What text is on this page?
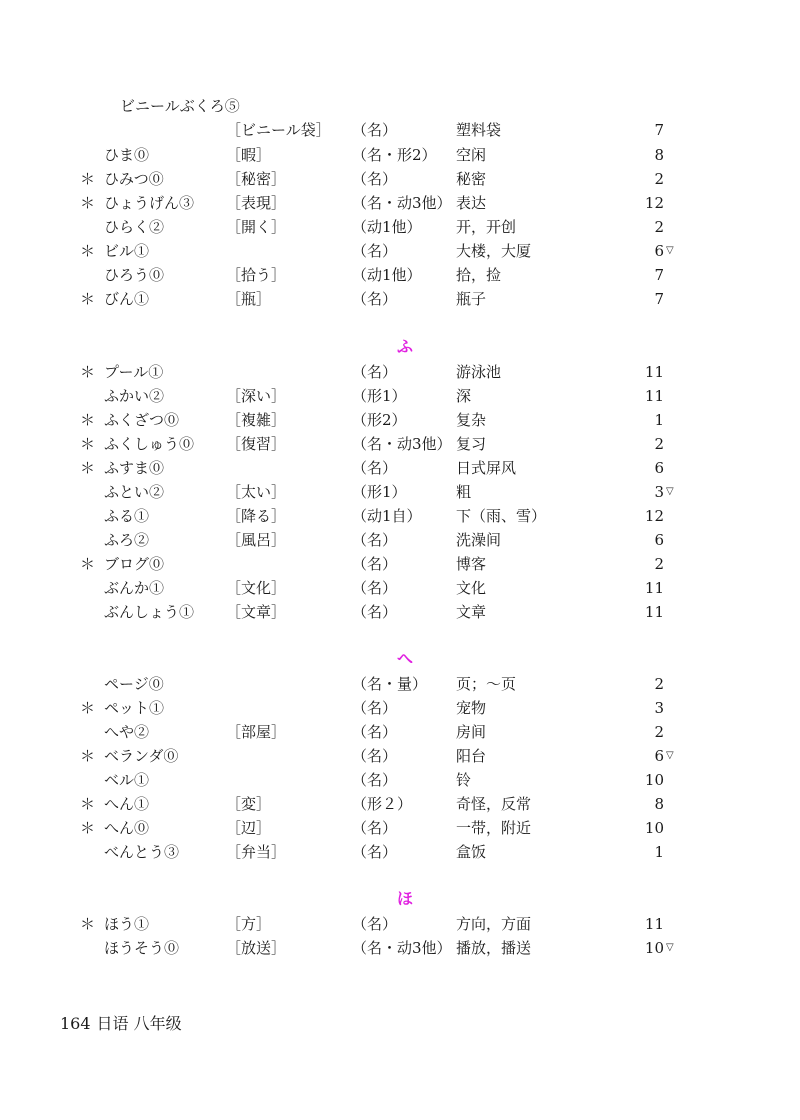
ビニールぶくろ⑤
［ビニール袋］ （名）	塑料袋	7
ひま⓪	［暇］	（名・形2） 空闲	8
＊ ひみつ⓪	［秘密］	（名）	秘密	2
＊ ひょうげん③ ［表現］	（名・动3他） 表达	12
ひらく②	［開く］	（动1他） 开，开创	2
＊ ビル①	（名）	大楼，大厦	6 ▽
ひろう⓪	［拾う］	（动1他） 拾，捡	7
＊ びん①	［瓶］	（名）	瓶子	7
ふ
＊ プール①	（名）	游泳池	11
ふかい②	［深い］	（形1）	深	11
＊ ふくざつ⓪	［複雑］	（形2）	复杂	1
＊ ふくしゅう⓪ ［復習］	（名・动3他） 复习	2
＊ ふすま⓪	（名）	日式屏风	6
ふとい②	［太い］	（形1）	粗	3 ▽
ふる①	［降る］	（动1自） 下（雨、雪）	12
ふろ②	［風呂］	（名）	洗澡间	6
＊ ブログ⓪	（名）	博客	2
ぶんか①	［文化］	（名）	文化	11
ぶんしょう① ［文章］	（名）	文章	11
へ
ページ⓪	（名・量） 页；～页	2
＊ ペット①	（名）	宠物	3
へや②	［部屋］	（名）	房间	2
＊ ベランダ⓪	（名）	阳台	6 ▽
ベル①	（名）	铃	10
＊ へん①	［変］	（形２）	奇怪，反常	8
＊ へん⓪	［辺］	（名）	一带，附近	10
べんとう③	［弁当］	（名）	盒饭	1
ほ
＊ ほう①	［方］	（名）	方向，方面	11
ほうそう⓪	［放送］	（名・动3他） 播放，播送	10 ▽
164 日语 八年级
